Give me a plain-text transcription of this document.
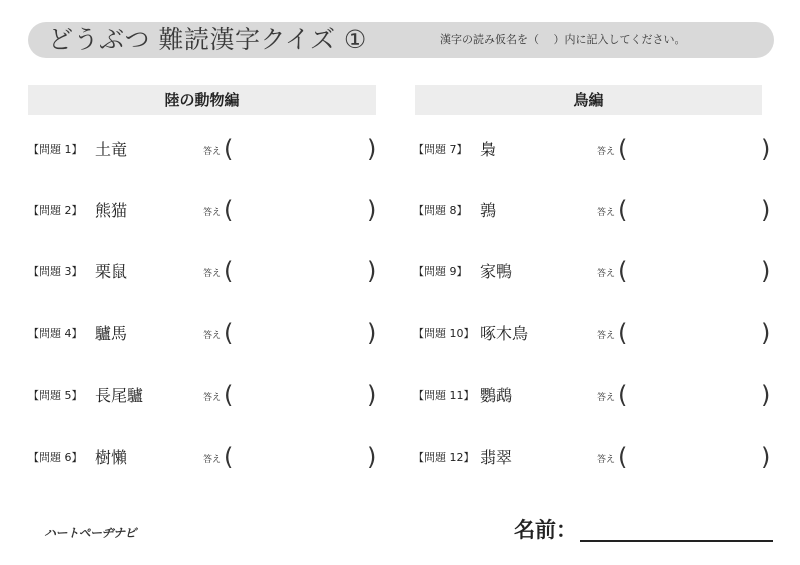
どうぶつ 難読漢字クイズ ①	漢字の読み仮名を（　 ）内に記入してください。
陸の動物編	鳥編
【問題 1】 土竜	答え (	)
【問題 2】 熊猫	答え (	)
【問題 3】 栗鼠	答え (	)
【問題 4】 驢馬	答え (	)
【問題 5】 長尾驢	答え (	)
【問題 6】 樹懶	答え (	)
【問題 7】 梟	答え (	)
【問題 8】 鶉	答え (	)
【問題 9】 家鴨	答え (	)
【問題 10】 啄木鳥	答え (	)
【問題 11】 鸚鵡	答え (	)
【問題 12】 翡翠	答え (	)
ハートペーヂナビ	名前：
